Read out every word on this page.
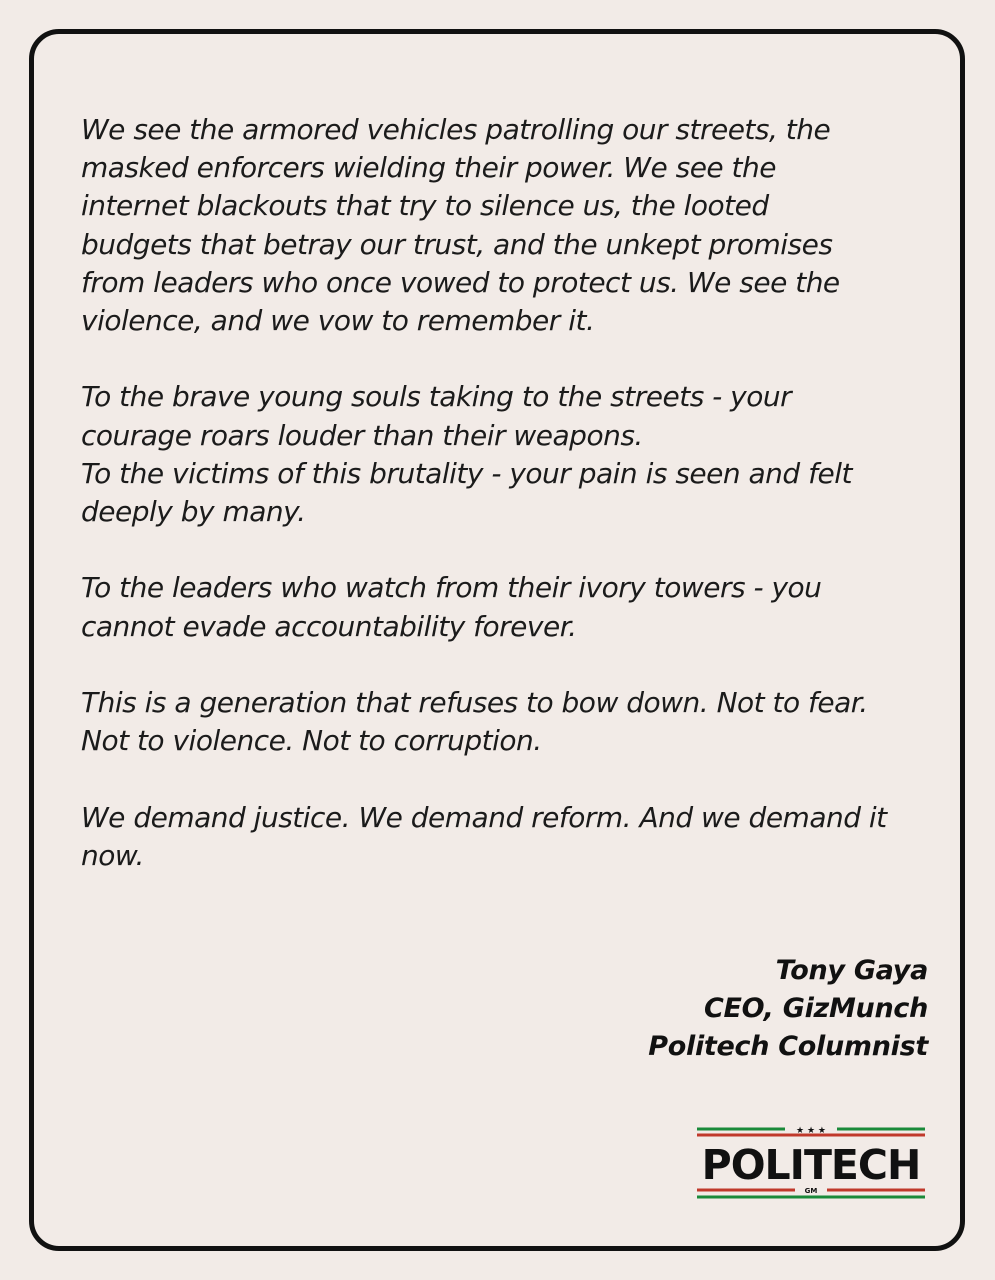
We see the armored vehicles patrolling our streets, the
masked enforcers wielding their power. We see the
internet blackouts that try to silence us, the looted
budgets that betray our trust, and the unkept promises
from leaders who once vowed to protect us. We see the
violence, and we vow to remember it.

To the brave young souls taking to the streets - your
courage roars louder than their weapons.
To the victims of this brutality - your pain is seen and felt
deeply by many.

To the leaders who watch from their ivory towers - you
cannot evade accountability forever.

This is a generation that refuses to bow down. Not to fear.
Not to violence. Not to corruption.

We demand justice. We demand reform. And we demand it
now.

Tony Gaya
CEO, GizMunch
Politech Columnist
★ ★ ★
POLITECH
GM
